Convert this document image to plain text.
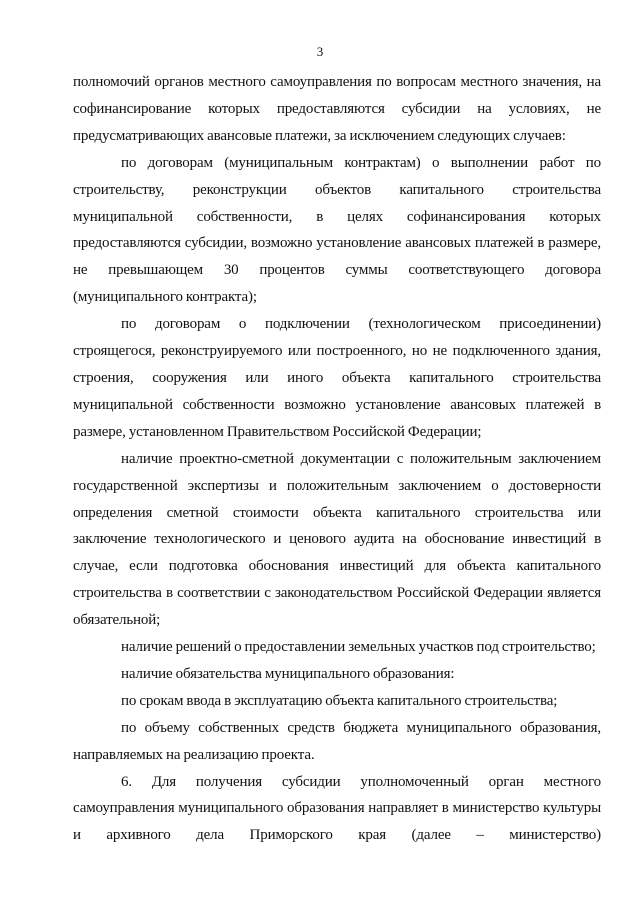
3

полномочий органов местного самоуправления по вопросам местного значения, на софинансирование которых предоставляются субсидии на условиях, не предусматривающих авансовые платежи, за исключением следующих случаев:

по договорам (муниципальным контрактам) о выполнении работ по строительству, реконструкции объектов капитального строительства муниципальной собственности, в целях софинансирования которых предоставляются субсидии, возможно установление авансовых платежей в размере, не превышающем 30 процентов суммы соответствующего договора (муниципального контракта);

по договорам о подключении (технологическом присоединении) строящегося, реконструируемого или построенного, но не подключенного здания, строения, сооружения или иного объекта капитального строительства муниципальной собственности возможно установление авансовых платежей в размере, установленном Правительством Российской Федерации;

наличие проектно-сметной документации с положительным заключением государственной экспертизы и положительным заключением о достоверности определения сметной стоимости объекта капитального строительства или заключение технологического и ценового аудита на обоснование инвестиций в случае, если подготовка обоснования инвестиций для объекта капитального строительства в соответствии с законодательством Российской Федерации является обязательной;

наличие решений о предоставлении земельных участков под строительство;

наличие обязательства муниципального образования:

по срокам ввода в эксплуатацию объекта капитального строительства;

по объему собственных средств бюджета муниципального образования, направляемых на реализацию проекта.

6. Для получения субсидии уполномоченный орган местного самоуправления муниципального образования направляет в министерство культуры и архивного дела Приморского края (далее – министерство)
